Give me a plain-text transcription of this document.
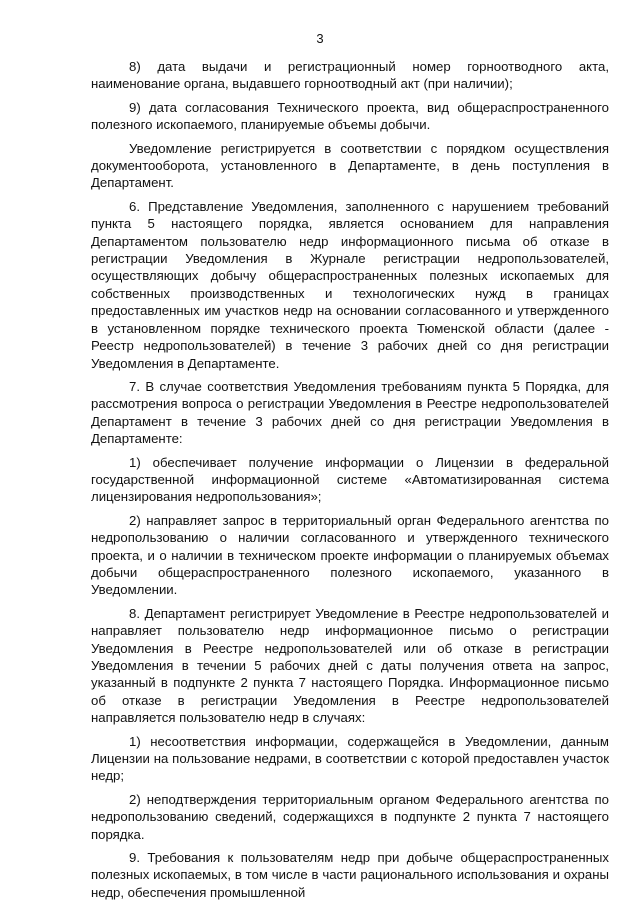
3

8) дата выдачи и регистрационный номер горноотводного акта, наименование органа, выдавшего горноотводный акт (при наличии);

9) дата согласования Технического проекта, вид общераспространенного полезного ископаемого, планируемые объемы добычи.

Уведомление регистрируется в соответствии с порядком осуществления документооборота, установленного в Департаменте, в день поступления в Департамент.

6. Представление Уведомления, заполненного с нарушением требований пункта 5 настоящего порядка, является основанием для направления Департаментом пользователю недр информационного письма об отказе в регистрации Уведомления в Журнале регистрации недропользователей, осуществляющих добычу общераспространенных полезных ископаемых для собственных производственных и технологических нужд в границах предоставленных им участков недр на основании согласованного и утвержденного в установленном порядке технического проекта Тюменской области (далее - Реестр недропользователей) в течение 3 рабочих дней со дня регистрации Уведомления в Департаменте.

7. В случае соответствия Уведомления требованиям пункта 5 Порядка, для рассмотрения вопроса о регистрации Уведомления в Реестре недропользователей Департамент в течение 3 рабочих дней со дня регистрации Уведомления в Департаменте:

1) обеспечивает получение информации о Лицензии в федеральной государственной информационной системе «Автоматизированная система лицензирования недропользования»;

2) направляет запрос в территориальный орган Федерального агентства по недропользованию о наличии согласованного и утвержденного технического проекта, и о наличии в техническом проекте информации о планируемых объемах добычи общераспространенного полезного ископаемого, указанного в Уведомлении.

8. Департамент регистрирует Уведомление в Реестре недропользователей и направляет пользователю недр информационное письмо о регистрации Уведомления в Реестре недропользователей или об отказе в регистрации Уведомления в течении 5 рабочих дней с даты получения ответа на запрос, указанный в подпункте 2 пункта 7 настоящего Порядка. Информационное письмо об отказе в регистрации Уведомления в Реестре недропользователей направляется пользователю недр в случаях:

1) несоответствия информации, содержащейся в Уведомлении, данным Лицензии на пользование недрами, в соответствии с которой предоставлен участок недр;

2) неподтверждения территориальным органом Федерального агентства по недропользованию сведений, содержащихся в подпункте 2 пункта 7 настоящего порядка.

9. Требования к пользователям недр при добыче общераспространенных полезных ископаемых, в том числе в части рационального использования и охраны недр, обеспечения промышленной
